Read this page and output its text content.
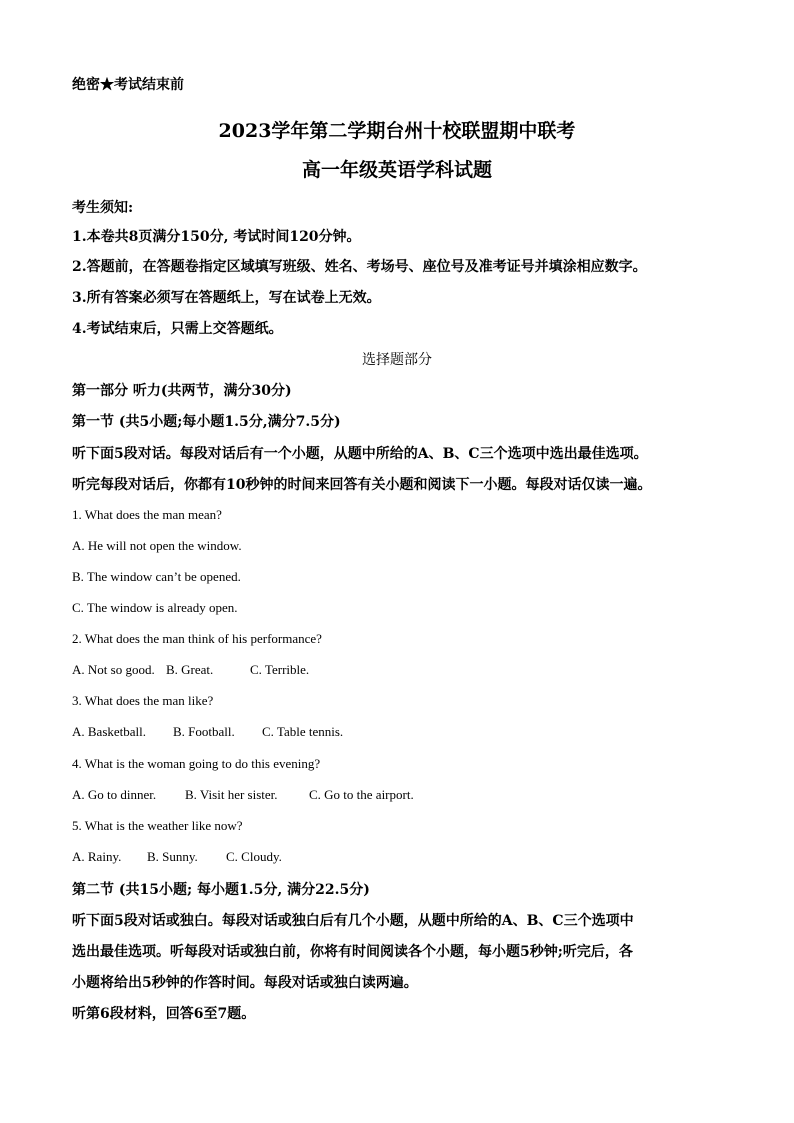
绝密★考试结束前
2023学年第二学期台州十校联盟期中联考
高一年级英语学科试题
考生须知:
1.本卷共8页满分150分, 考试时间120分钟。
2.答题前，在答题卷指定区域填写班级、姓名、考场号、座位号及准考证号并填涂相应数字。
3.所有答案必须写在答题纸上，写在试卷上无效。
4.考试结束后，只需上交答题纸。
选择题部分
第一部分 听力(共两节，满分30分)
第一节 (共5小题;每小题1.5分,满分7.5分)
听下面5段对话。每段对话后有一个小题，从题中所给的A、B、C三个选项中选出最佳选项。
听完每段对话后，你都有10秒钟的时间来回答有关小题和阅读下一小题。每段对话仅读一遍。
1. What does the man mean?
A. He will not open the window.
B. The window can’t be opened.
C. The window is already open.
2. What does the man think of his performance?
A. Not so good. B. Great.	C. Terrible.
3. What does the man like?
A. Basketball. B. Football. C. Table tennis.
4. What is the woman going to do this evening?
A. Go to dinner. B. Visit her sister. C. Go to the airport.
5. What is the weather like now?
A. Rainy. B. Sunny. C. Cloudy.
第二节 (共15小题; 每小题1.5分, 满分22.5分)
听下面5段对话或独白。每段对话或独白后有几个小题，从题中所给的A、B、C三个选项中
选出最佳选项。听每段对话或独白前，你将有时间阅读各个小题，每小题5秒钟;听完后，各
小题将给出5秒钟的作答时间。每段对话或独白读两遍。
听第6段材料，回答6至7题。
